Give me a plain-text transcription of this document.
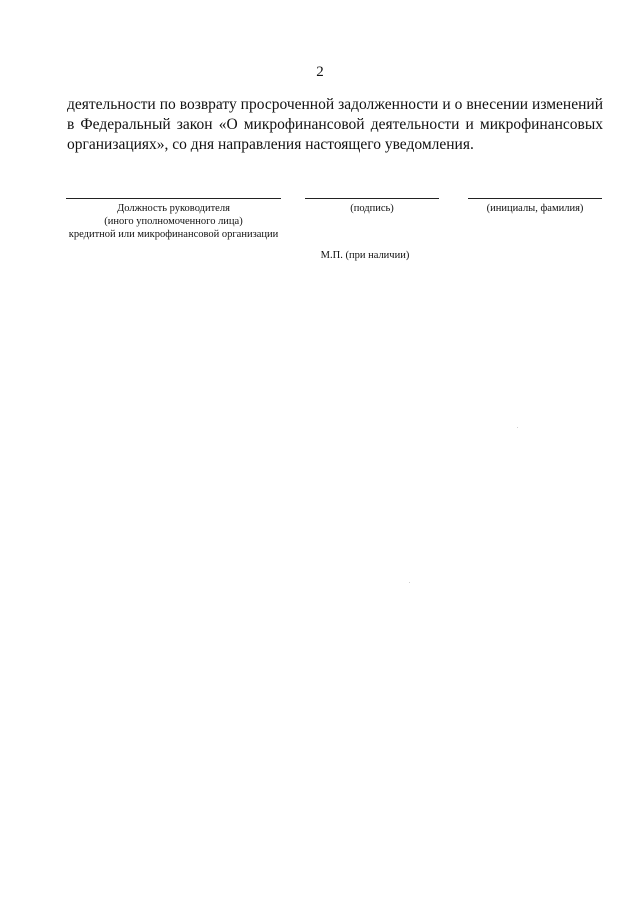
2
деятельности по возврату просроченной задолженности и о внесении изменений
в Федеральный закон «О микрофинансовой деятельности и микрофинансовых
организациях», со дня направления настоящего уведомления.
Должность руководителя
(иного уполномоченного лица)
кредитной или микрофинансовой организации
(подпись)	(инициалы, фамилия)
М.П. (при наличии)
